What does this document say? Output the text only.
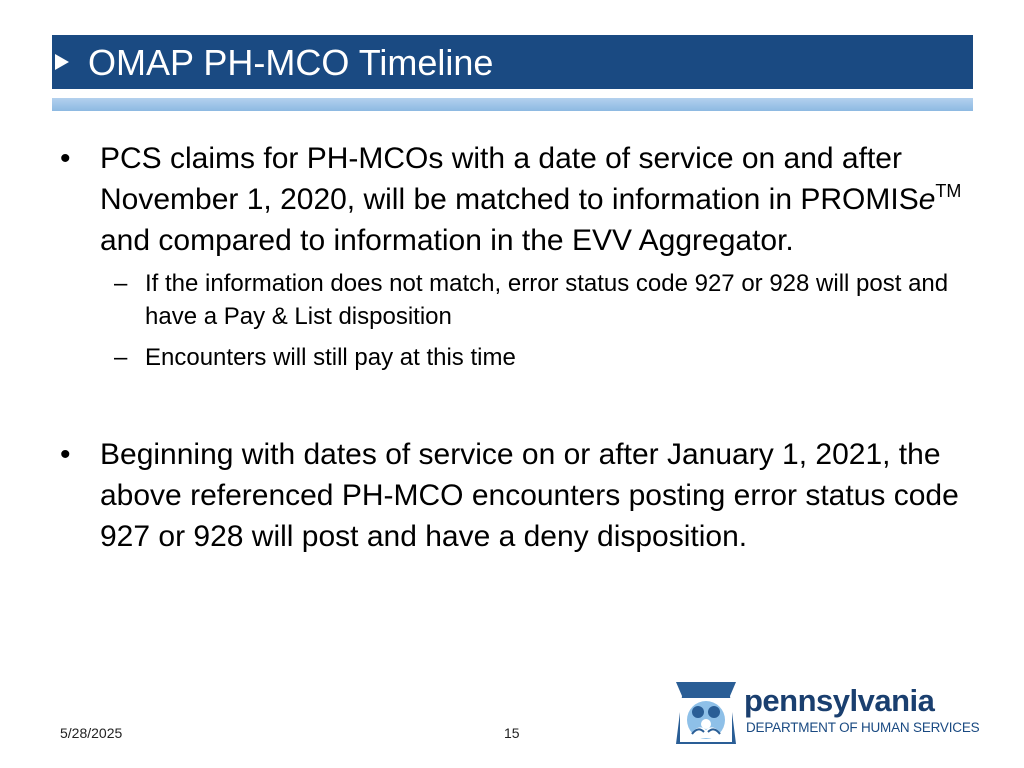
OMAP PH-MCO Timeline
• PCS claims for PH-MCOs with a date of service on and after November 1, 2020, will be matched to information in PROMISe™ and compared to information in the EVV Aggregator.
– If the information does not match, error status code 927 or 928 will post and have a Pay & List disposition
– Encounters will still pay at this time
• Beginning with dates of service on or after January 1, 2021, the above referenced PH-MCO encounters posting error status code 927 or 928 will post and have a deny disposition.
5/28/2025	15
pennsylvania
DEPARTMENT OF HUMAN SERVICES
